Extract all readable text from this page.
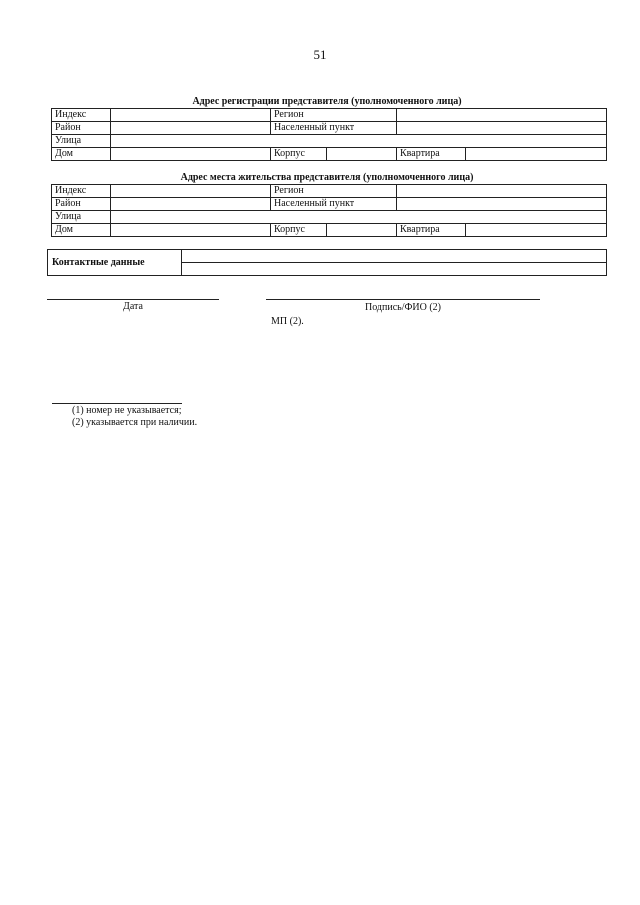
51
Адрес регистрации представителя (уполномоченного лица)
Индекс		Регион			
Район		Населенный пункт			
Улица					
Дом		Корпус		Квартира	
Адрес места жительства представителя (уполномоченного лица)
Индекс		Регион			
Район		Населенный пункт			
Улица					
Дом		Корпус		Квартира	
Контактные данные	

Дата	Подпись/ФИО (2)
МП (2).
(1) номер не указывается;
(2) указывается при наличии.
